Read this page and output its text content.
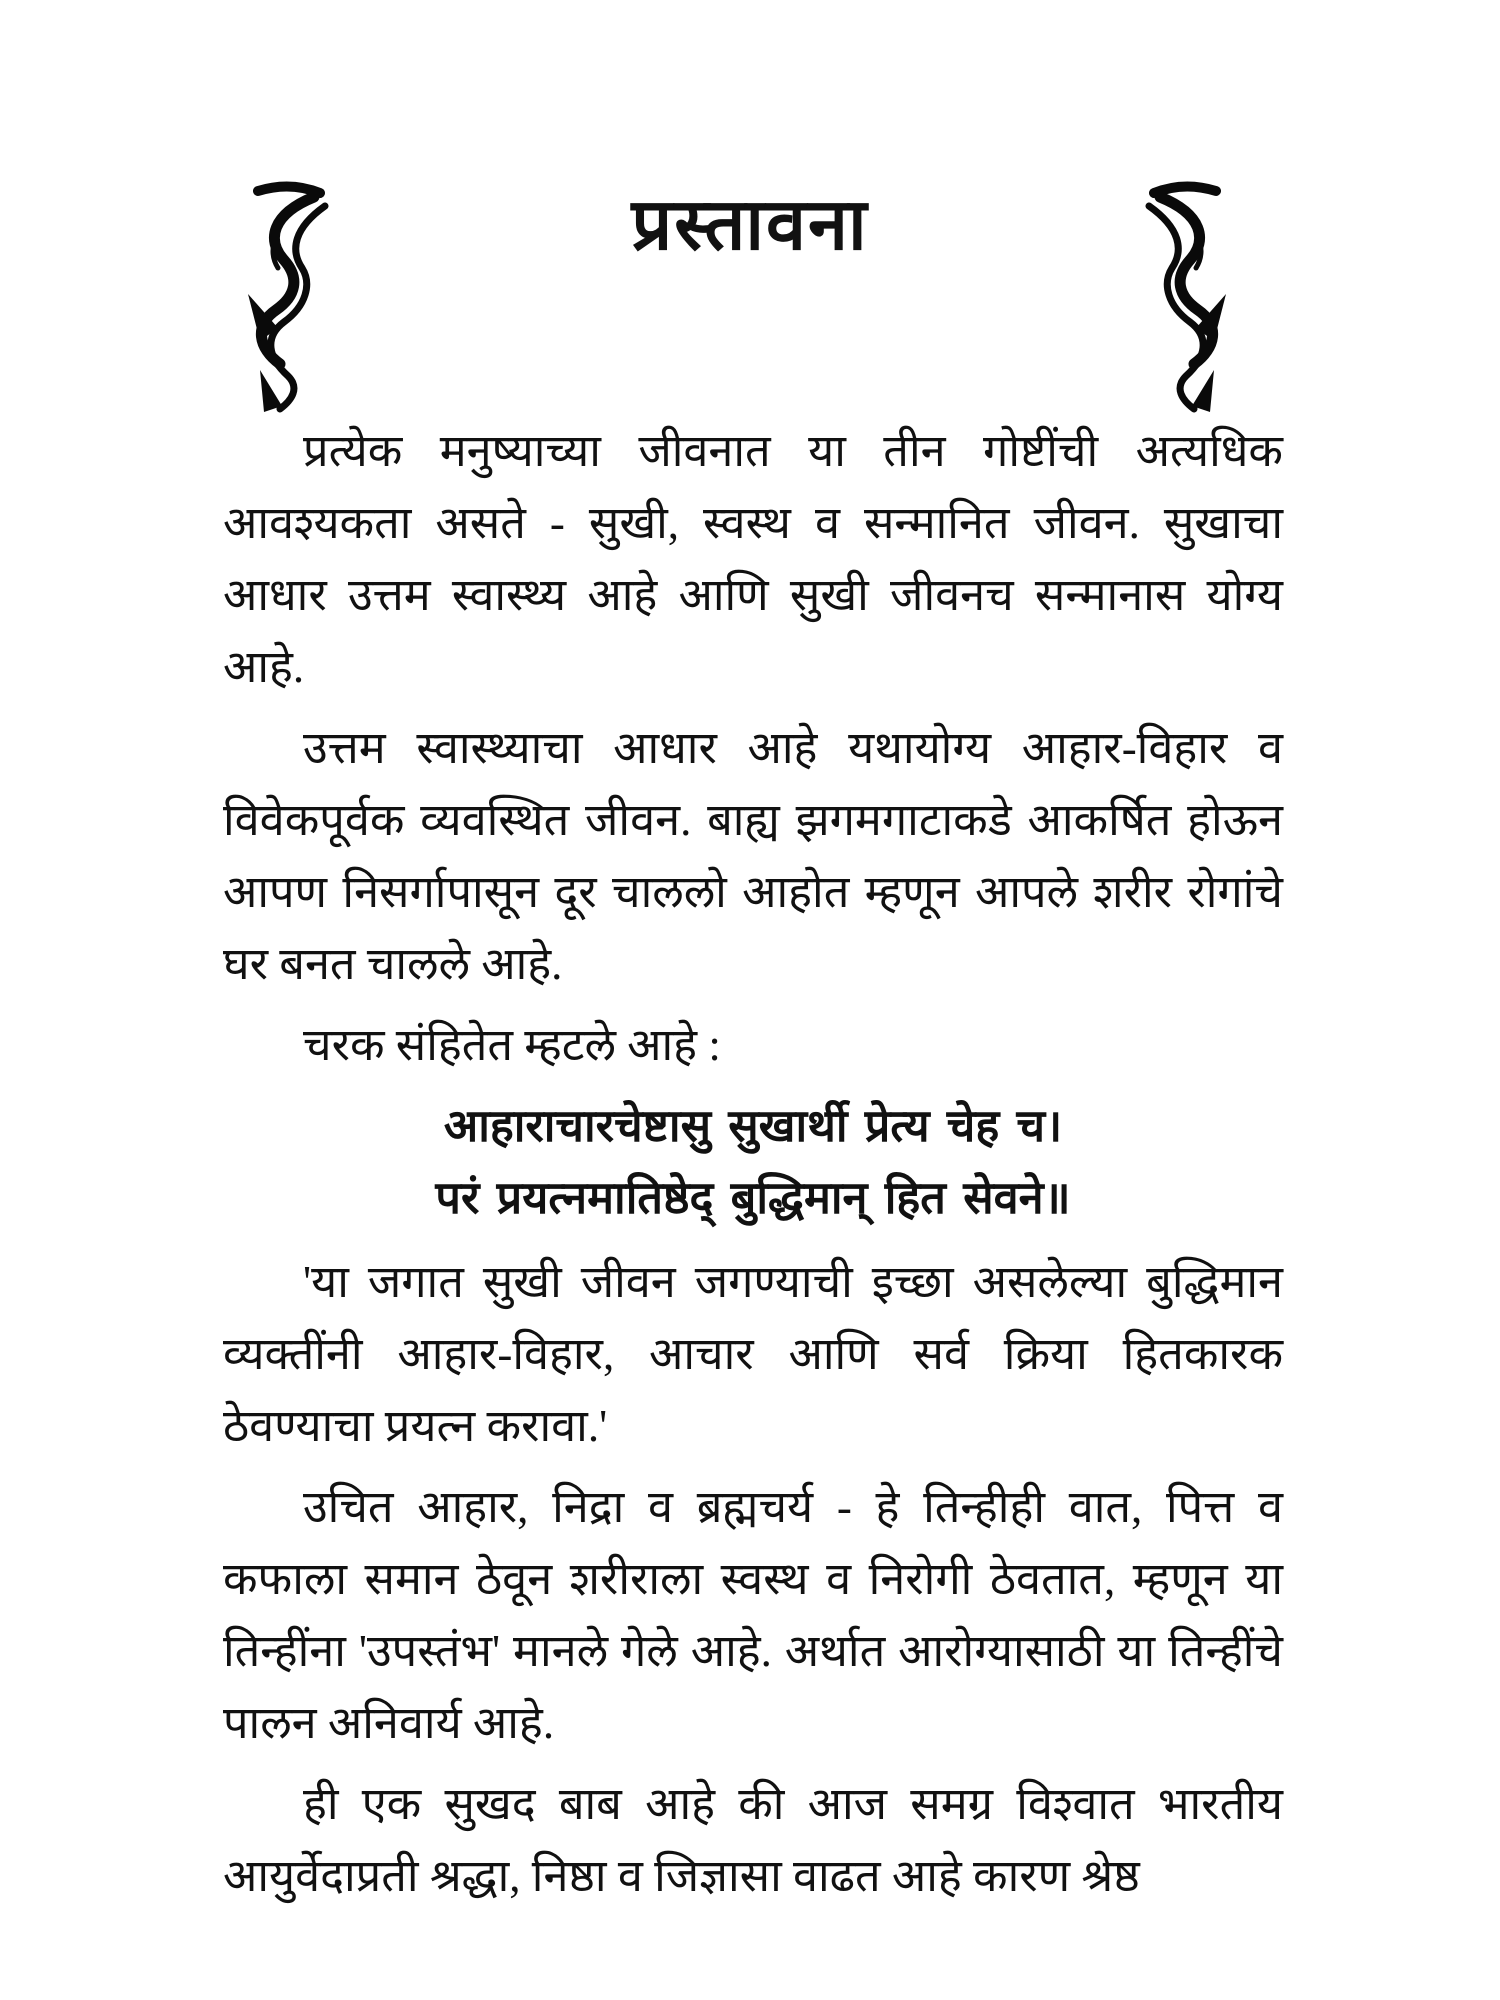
प्रस्तावना

प्रत्येक मनुष्याच्या जीवनात या तीन गोष्टींची अत्यधिक आवश्यकता असते - सुखी, स्वस्थ व सन्मानित जीवन. सुखाचा आधार उत्तम स्वास्थ्य आहे आणि सुखी जीवनच सन्मानास योग्य आहे.

उत्तम स्वास्थ्याचा आधार आहे यथायोग्य आहार-विहार व विवेकपूर्वक व्यवस्थित जीवन. बाह्य झगमगाटाकडे आकर्षित होऊन आपण निसर्गापासून दूर चाललो आहोत म्हणून आपले शरीर रोगांचे घर बनत चालले आहे.

चरक संहितेत म्हटले आहे :

आहाराचारचेष्टासु सुखार्थी प्रेत्य चेह च।
परं प्रयत्नमातिष्ठेद् बुद्धिमान् हित सेवने॥

'या जगात सुखी जीवन जगण्याची इच्छा असलेल्या बुद्धिमान व्यक्तींनी आहार-विहार, आचार आणि सर्व क्रिया हितकारक ठेवण्याचा प्रयत्न करावा.'

उचित आहार, निद्रा व ब्रह्मचर्य - हे तिन्हीही वात, पित्त व कफाला समान ठेवून शरीराला स्वस्थ व निरोगी ठेवतात, म्हणून या तिन्हींना 'उपस्तंभ' मानले गेले आहे. अर्थात आरोग्यासाठी या तिन्हींचे पालन अनिवार्य आहे.

ही एक सुखद बाब आहे की आज समग्र विश्वात भारतीय आयुर्वेदाप्रती श्रद्धा, निष्ठा व जिज्ञासा वाढत आहे कारण श्रेष्ठ
